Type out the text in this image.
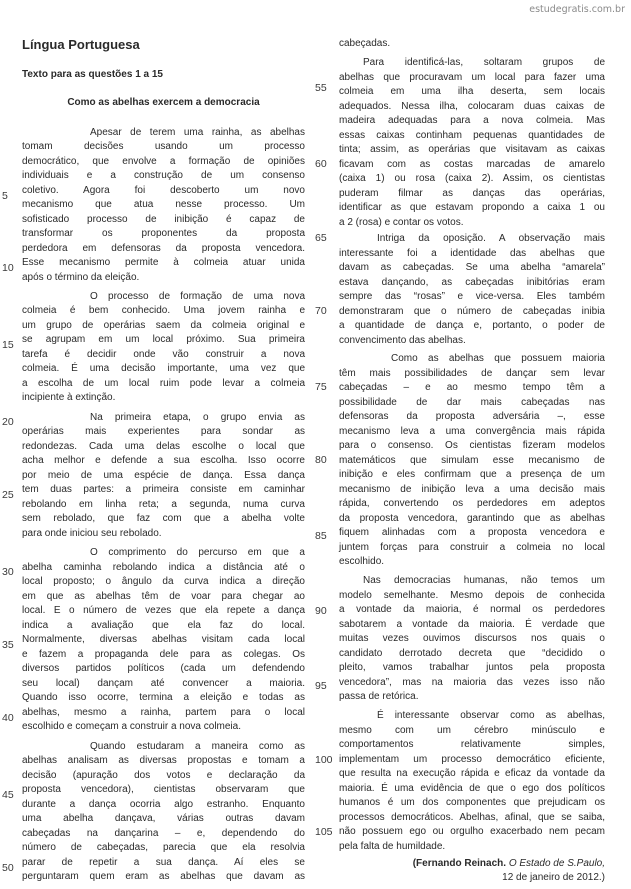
estudegratis.com.br
Língua Portuguesa
Texto para as questões 1 a 15
Como as abelhas exercem a democracia
Apesar de terem uma rainha, as abelhas
tomam decisões usando um processo
democrático, que envolve a formação de opiniões
individuais e a construção de um consenso
coletivo. Agora foi descoberto um novo
mecanismo que atua nesse processo. Um
sofisticado processo de inibição é capaz de
transformar os proponentes da proposta
perdedora em defensoras da proposta vencedora.
Esse mecanismo permite à colmeia atuar unida
após o término da eleição.
O processo de formação de uma nova
colmeia é bem conhecido. Uma jovem rainha e
um grupo de operárias saem da colmeia original e
se agrupam em um local próximo. Sua primeira
tarefa é decidir onde vão construir a nova
colmeia. É uma decisão importante, uma vez que
a escolha de um local ruim pode levar a colmeia
incipiente à extinção.
Na primeira etapa, o grupo envia as
operárias mais experientes para sondar as
redondezas. Cada uma delas escolhe o local que
acha melhor e defende a sua escolha. Isso ocorre
por meio de uma espécie de dança. Essa dança
tem duas partes: a primeira consiste em caminhar
rebolando em linha reta; a segunda, numa curva
sem rebolado, que faz com que a abelha volte
para onde iniciou seu rebolado.
O comprimento do percurso em que a
abelha caminha rebolando indica a distância até o
local proposto; o ângulo da curva indica a direção
em que as abelhas têm de voar para chegar ao
local. E o número de vezes que ela repete a dança
indica a avaliação que ela faz do local.
Normalmente, diversas abelhas visitam cada local
e fazem a propaganda dele para as colegas. Os
diversos partidos políticos (cada um defendendo
seu local) dançam até convencer a maioria.
Quando isso ocorre, termina a eleição e todas as
abelhas, mesmo a rainha, partem para o local
escolhido e começam a construir a nova colmeia.
Quando estudaram a maneira como as
abelhas analisam as diversas propostas e tomam a
decisão (apuração dos votos e declaração da
proposta vencedora), cientistas observaram que
durante a dança ocorria algo estranho. Enquanto
uma abelha dançava, várias outras davam
cabeçadas na dançarina – e, dependendo do
número de cabeçadas, parecia que ela resolvia
parar de repetir a sua dança. Aí eles se
perguntaram quem eram as abelhas que davam as
cabeçadas.
Para identificá-las, soltaram grupos de
abelhas que procuravam um local para fazer uma
colmeia em uma ilha deserta, sem locais
adequados. Nessa ilha, colocaram duas caixas de
madeira adequadas para a nova colmeia. Mas
essas caixas continham pequenas quantidades de
tinta; assim, as operárias que visitavam as caixas
ficavam com as costas marcadas de amarelo
(caixa 1) ou rosa (caixa 2). Assim, os cientistas
puderam filmar as danças das operárias,
identificar as que estavam propondo a caixa 1 ou
a 2 (rosa) e contar os votos.
Intriga da oposição. A observação mais
interessante foi a identidade das abelhas que
davam as cabeçadas. Se uma abelha “amarela”
estava dançando, as cabeçadas inibitórias eram
sempre das “rosas” e vice-versa. Eles também
demonstraram que o número de cabeçadas inibia
a quantidade de dança e, portanto, o poder de
convencimento das abelhas.
Como as abelhas que possuem maioria
têm mais possibilidades de dançar sem levar
cabeçadas – e ao mesmo tempo têm a
possibilidade de dar mais cabeçadas nas
defensoras da proposta adversária –, esse
mecanismo leva a uma convergência mais rápida
para o consenso. Os cientistas fizeram modelos
matemáticos que simulam esse mecanismo de
inibição e eles confirmam que a presença de um
mecanismo de inibição leva a uma decisão mais
rápida, convertendo os perdedores em adeptos
da proposta vencedora, garantindo que as abelhas
fiquem alinhadas com a proposta vencedora e
juntem forças para construir a colmeia no local
escolhido.
Nas democracias humanas, não temos um
modelo semelhante. Mesmo depois de conhecida
a vontade da maioria, é normal os perdedores
sabotarem a vontade da maioria. É verdade que
muitas vezes ouvimos discursos nos quais o
candidato derrotado decreta que “decidido o
pleito, vamos trabalhar juntos pela proposta
vencedora”, mas na maioria das vezes isso não
passa de retórica.
É interessante observar como as abelhas,
mesmo com um cérebro minúsculo e
comportamentos relativamente simples,
implementam um processo democrático eficiente,
que resulta na execução rápida e eficaz da vontade da
maioria. É uma evidência de que o ego dos políticos
humanos é um dos componentes que prejudicam os
processos democráticos. Abelhas, afinal, que se saiba,
não possuem ego ou orgulho exacerbado nem pecam
pela falta de humildade.
(Fernando Reinach. O Estado de S.Paulo,
12 de janeiro de 2012.)
5
10
15
20
25
30
35
40
45
50
55
60
65
70
75
80
85
90
95
100
105
